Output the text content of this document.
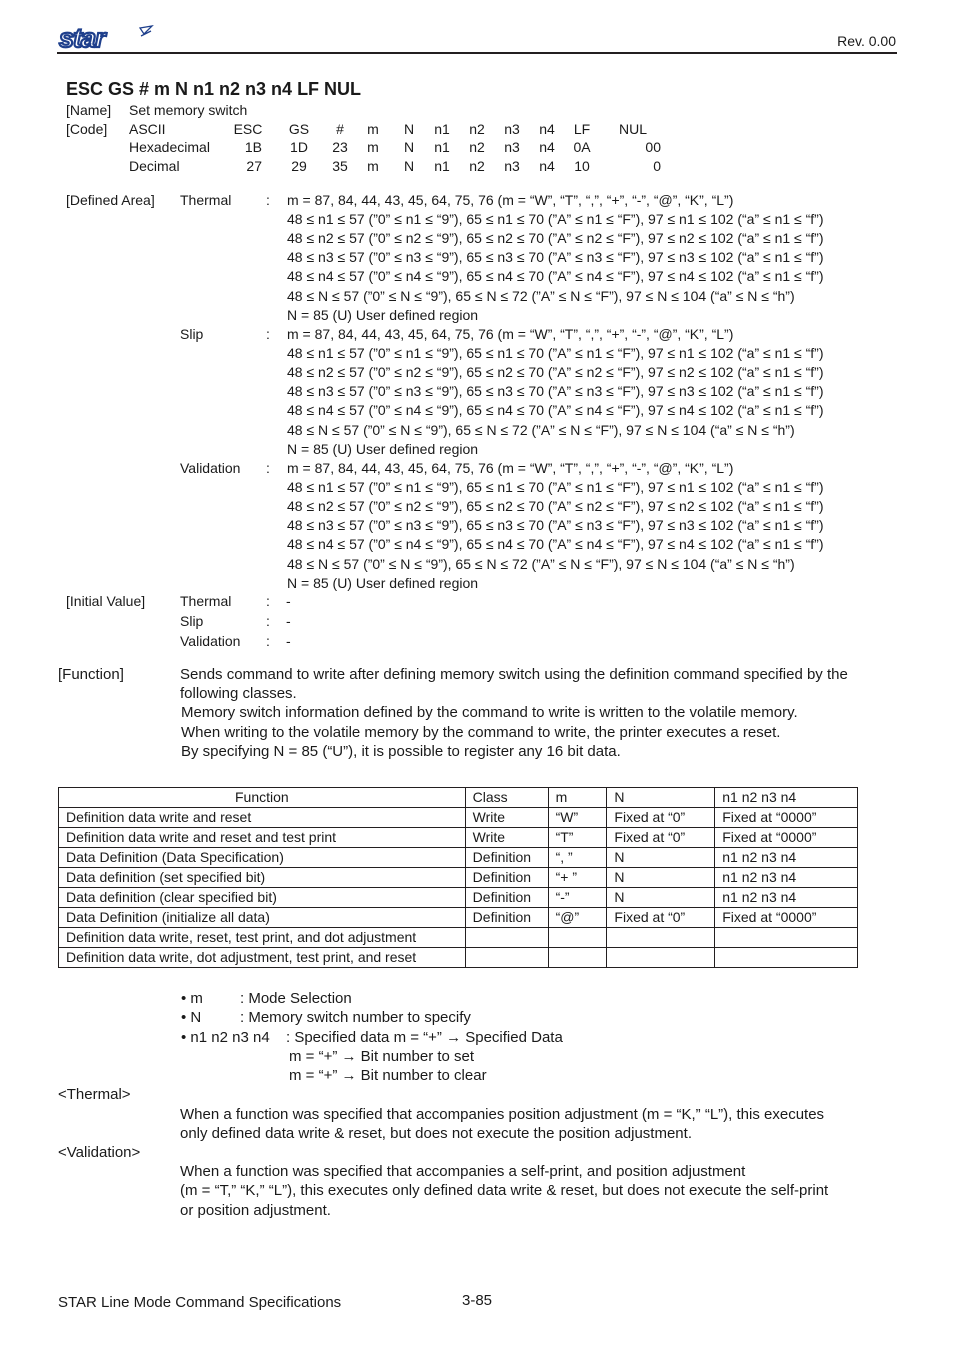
star	Rev. 0.00
ESC GS # m N n1 n2 n3 n4 LF NUL
[Name] Set memory switch
[Code] ASCII	ESC	GS	#	m	N	n1	n2	n3	n4	LF	NUL
Hexadecimal	1B	1D	23	m	N	n1	n2	n3	n4	0A	00
Decimal	27	29	35	m	N	n1	n2	n3	n4	10	0
[Defined Area] Thermal : m = 87, 84, 44, 43, 45, 64, 75, 76 (m = “W”, “T”, “,”, “+”, “-”, “@”, “K”, “L”)
48 ≤ n1 ≤ 57 (”0” ≤ n1 ≤ “9”), 65 ≤ n1 ≤ 70 (”A” ≤ n1 ≤ “F”), 97 ≤ n1 ≤ 102 (“a” ≤ n1 ≤ “f”)
48 ≤ n2 ≤ 57 (”0” ≤ n2 ≤ “9”), 65 ≤ n2 ≤ 70 (”A” ≤ n2 ≤ “F”), 97 ≤ n2 ≤ 102 (“a” ≤ n1 ≤ “f”)
48 ≤ n3 ≤ 57 (”0” ≤ n3 ≤ “9”), 65 ≤ n3 ≤ 70 (”A” ≤ n3 ≤ “F”), 97 ≤ n3 ≤ 102 (“a” ≤ n1 ≤ “f”)
48 ≤ n4 ≤ 57 (”0” ≤ n4 ≤ “9”), 65 ≤ n4 ≤ 70 (”A” ≤ n4 ≤ “F”), 97 ≤ n4 ≤ 102 (“a” ≤ n1 ≤ “f”)
48 ≤ N ≤ 57 (”0” ≤ N ≤ “9”), 65 ≤ N ≤ 72 (”A” ≤ N ≤ “F”), 97 ≤ N ≤ 104 (“a” ≤ N ≤ “h”)
N = 85 (U) User defined region
Slip	: m = 87, 84, 44, 43, 45, 64, 75, 76 (m = “W”, “T”, “,”, “+”, “-”, “@”, “K”, “L”)
48 ≤ n1 ≤ 57 (”0” ≤ n1 ≤ “9”), 65 ≤ n1 ≤ 70 (”A” ≤ n1 ≤ “F”), 97 ≤ n1 ≤ 102 (“a” ≤ n1 ≤ “f”)
48 ≤ n2 ≤ 57 (”0” ≤ n2 ≤ “9”), 65 ≤ n2 ≤ 70 (”A” ≤ n2 ≤ “F”), 97 ≤ n2 ≤ 102 (“a” ≤ n1 ≤ “f”)
48 ≤ n3 ≤ 57 (”0” ≤ n3 ≤ “9”), 65 ≤ n3 ≤ 70 (”A” ≤ n3 ≤ “F”), 97 ≤ n3 ≤ 102 (“a” ≤ n1 ≤ “f”)
48 ≤ n4 ≤ 57 (”0” ≤ n4 ≤ “9”), 65 ≤ n4 ≤ 70 (”A” ≤ n4 ≤ “F”), 97 ≤ n4 ≤ 102 (“a” ≤ n1 ≤ “f”)
48 ≤ N ≤ 57 (”0” ≤ N ≤ “9”), 65 ≤ N ≤ 72 (”A” ≤ N ≤ “F”), 97 ≤ N ≤ 104 (“a” ≤ N ≤ “h”)
N = 85 (U) User defined region
Validation : m = 87, 84, 44, 43, 45, 64, 75, 76 (m = “W”, “T”, “,”, “+”, “-”, “@”, “K”, “L”)
48 ≤ n1 ≤ 57 (”0” ≤ n1 ≤ “9”), 65 ≤ n1 ≤ 70 (”A” ≤ n1 ≤ “F”), 97 ≤ n1 ≤ 102 (“a” ≤ n1 ≤ “f”)
48 ≤ n2 ≤ 57 (”0” ≤ n2 ≤ “9”), 65 ≤ n2 ≤ 70 (”A” ≤ n2 ≤ “F”), 97 ≤ n2 ≤ 102 (“a” ≤ n1 ≤ “f”)
48 ≤ n3 ≤ 57 (”0” ≤ n3 ≤ “9”), 65 ≤ n3 ≤ 70 (”A” ≤ n3 ≤ “F”), 97 ≤ n3 ≤ 102 (“a” ≤ n1 ≤ “f”)
48 ≤ n4 ≤ 57 (”0” ≤ n4 ≤ “9”), 65 ≤ n4 ≤ 70 (”A” ≤ n4 ≤ “F”), 97 ≤ n4 ≤ 102 (“a” ≤ n1 ≤ “f”)
48 ≤ N ≤ 57 (”0” ≤ N ≤ “9”), 65 ≤ N ≤ 72 (”A” ≤ N ≤ “F”), 97 ≤ N ≤ 104 (“a” ≤ N ≤ “h”)
N = 85 (U) User defined region
[Initial Value] Thermal : -
Slip	: -
Validation : -
[Function]	Sends command to write after defining memory switch using the definition command specified by the
following classes.
Memory switch information defined by the command to write is written to the volatile memory.
When writing to the volatile memory by the command to write, the printer executes a reset.
By specifying N = 85 (“U”), it is possible to register any 16 bit data.
Function	Class	m	N	n1 n2 n3 n4
Definition data write and reset	Write	“W”	Fixed at “0”	Fixed at “0000”
Definition data write and reset and test print	Write	“T”	Fixed at “0”	Fixed at “0000”
Data Definition (Data Specification)	Definition	“, ”	N	n1 n2 n3 n4
Data definition (set specified bit)	Definition	“+ ”	N	n1 n2 n3 n4
Data definition (clear specified bit)	Definition	“-”	N	n1 n2 n3 n4
Data Definition (initialize all data)	Definition	“@”	Fixed at “0”	Fixed at “0000”
Definition data write, reset, test print, and dot adjustment				
Definition data write, dot adjustment, test print, and reset				
• m : Mode Selection
• N	: Memory switch number to specify
• n1 n2 n3 n4 : Specified data m = “+” → Specified Data
m = “+” → Bit number to set
m = “+” → Bit number to clear
<Thermal>
When a function was specified that accompanies position adjustment (m = “K,” “L”), this executes
only defined data write & reset, but does not execute the position adjustment.
<Validation>
When a function was specified that accompanies a self-print, and position adjustment
(m = “T,” “K,” “L”), this executes only defined data write & reset, but does not execute the self-print
or position adjustment.
STAR Line Mode Command Specifications	3-85
